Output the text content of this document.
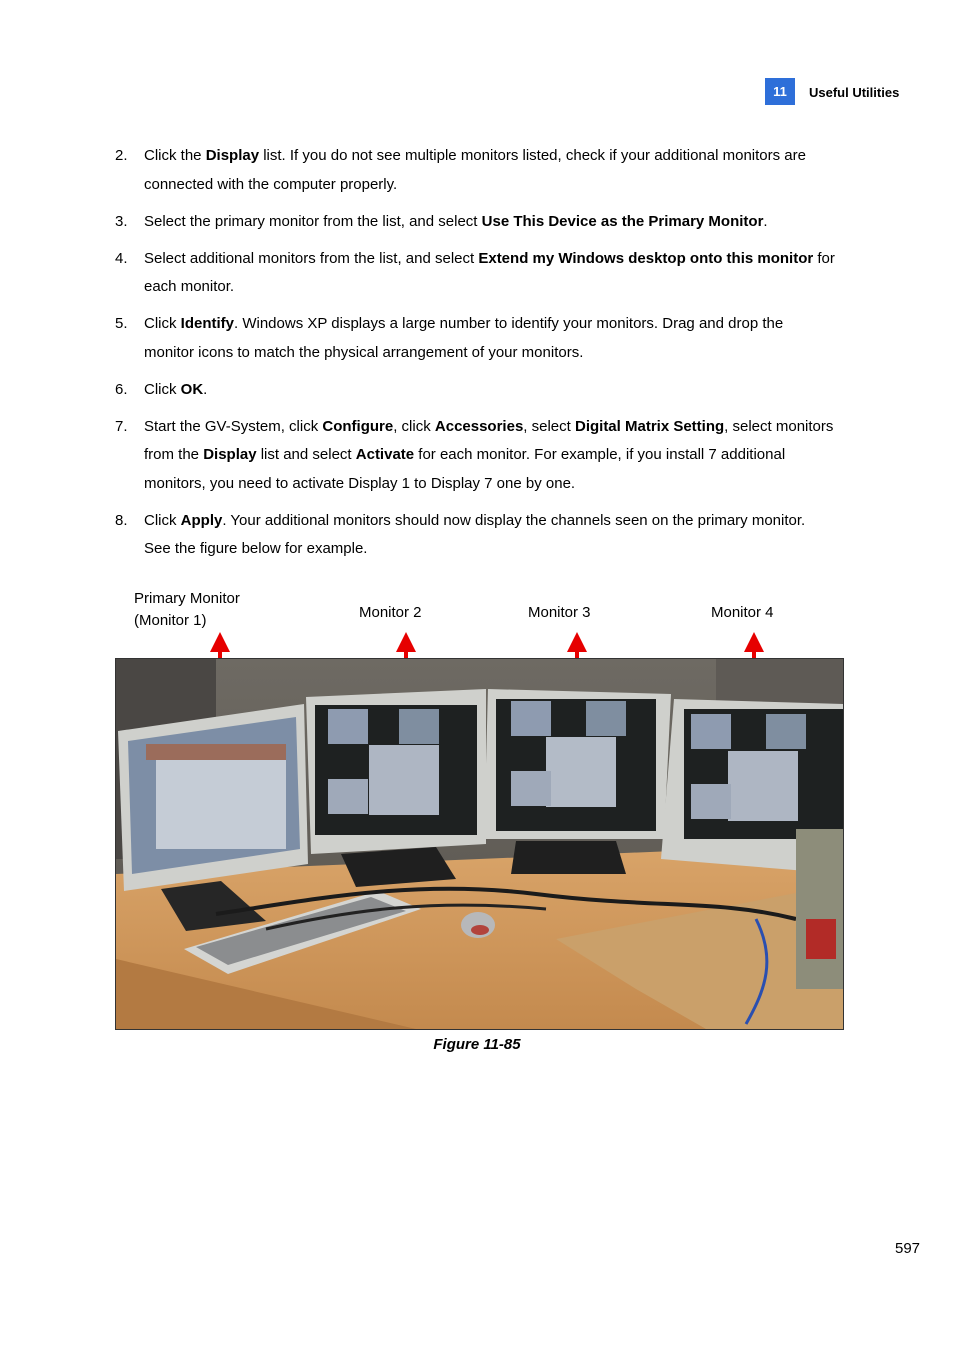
11	Useful Utilities
2. Click the Display list. If you do not see multiple monitors listed, check if your additional monitors are connected with the computer properly.
3. Select the primary monitor from the list, and select Use This Device as the Primary Monitor.
4. Select additional monitors from the list, and select Extend my Windows desktop onto this monitor for each monitor.
5. Click Identify. Windows XP displays a large number to identify your monitors. Drag and drop the monitor icons to match the physical arrangement of your monitors.
6. Click OK.
7. Start the GV-System, click Configure, click Accessories, select Digital Matrix Setting, select monitors from the Display list and select Activate for each monitor. For example, if you install 7 additional monitors, you need to activate Display 1 to Display 7 one by one.
8. Click Apply. Your additional monitors should now display the channels seen on the primary monitor. See the figure below for example.
Primary Monitor
(Monitor 1)	Monitor 2	Monitor 3	Monitor 4
Figure 11-85
597
